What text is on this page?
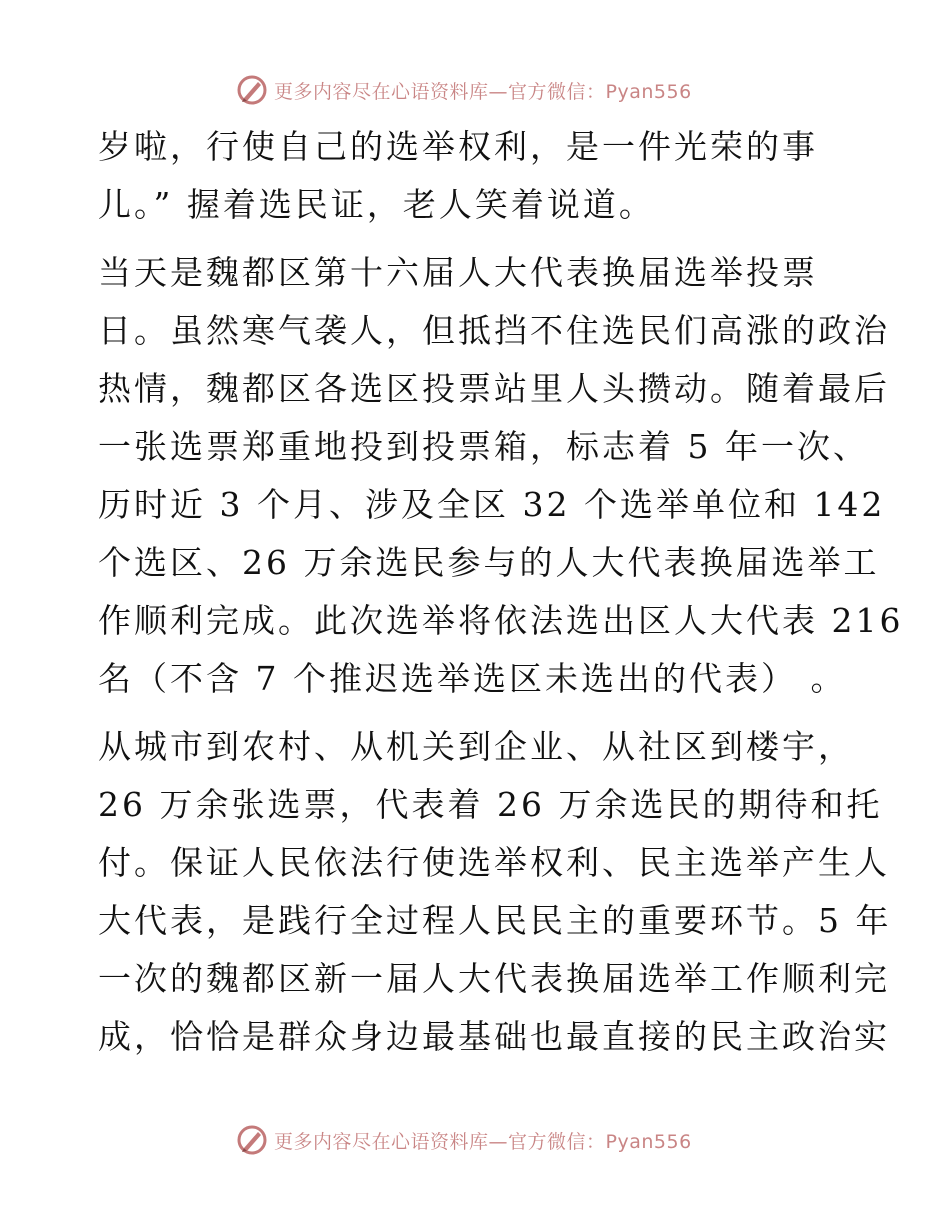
更多内容尽在心语资料库—官方微信：Pyan556
岁啦，行使自己的选举权利，是一件光荣的事
儿。” 握着选民证，老人笑着说道。
当天是魏都区第十六届人大代表换届选举投票
日。虽然寒气袭人，但抵挡不住选民们高涨的政治
热情，魏都区各选区投票站里人头攒动。随着最后
一张选票郑重地投到投票箱，标志着 5 年一次、
历时近 3 个月、涉及全区 32 个选举单位和 142
个选区、26 万余选民参与的人大代表换届选举工
作顺利完成。此次选举将依法选出区人大代表 216
名（不含 7 个推迟选举选区未选出的代表） 。
从城市到农村、从机关到企业、从社区到楼宇，
26 万余张选票，代表着 26 万余选民的期待和托
付。保证人民依法行使选举权利、民主选举产生人
大代表，是践行全过程人民民主的重要环节。5 年
一次的魏都区新一届人大代表换届选举工作顺利完
成，恰恰是群众身边最基础也最直接的民主政治实
更多内容尽在心语资料库—官方微信：Pyan556
